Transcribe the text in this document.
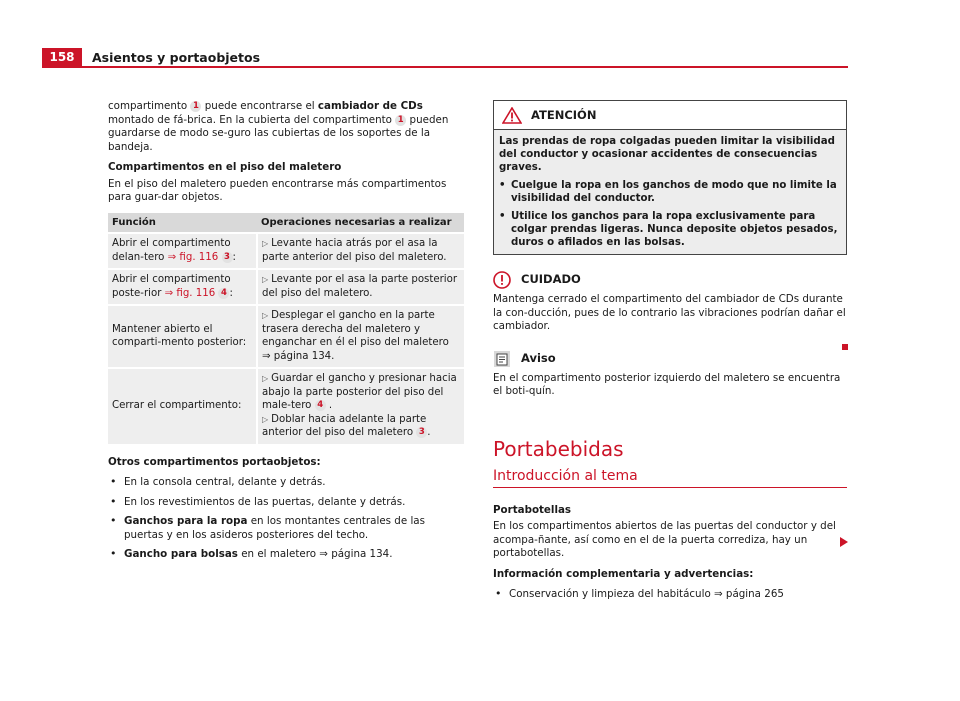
158	Asientos y portaobjetos

compartimento 1 puede encontrarse el cambiador de CDs montado de fá-brica. En la cubierta del compartimento 1 pueden guardarse de modo se-guro las cubiertas de los soportes de la bandeja.

Compartimentos en el piso del maletero

En el piso del maletero pueden encontrarse más compartimentos para guar-dar objetos.

Función	Operaciones necesarias a realizar
Abrir el compartimento delan-tero ⇒ fig. 116 3 :	▷ Levante hacia atrás por el asa la parte anterior del piso del maletero.
Abrir el compartimento poste-rior ⇒ fig. 116 4 :	▷ Levante por el asa la parte posterior del piso del maletero.
Mantener abierto el comparti-mento posterior:	▷ Desplegar el gancho en la parte trasera derecha del maletero y enganchar en él el piso del maletero ⇒ página 134.
Cerrar el compartimento:	▷ Guardar el gancho y presionar hacia abajo la parte posterior del piso del male-tero 4 .
▷ Doblar hacia adelante la parte anterior del piso del maletero 3 .

Otros compartimentos portaobjetos:

• En la consola central, delante y detrás.
• En los revestimientos de las puertas, delante y detrás.
• Ganchos para la ropa en los montantes centrales de las puertas y en los asideros posteriores del techo.
• Gancho para bolsas en el maletero ⇒ página 134.
ATENCIÓN

Las prendas de ropa colgadas pueden limitar la visibilidad del conductor y ocasionar accidentes de consecuencias graves.

• Cuelgue la ropa en los ganchos de modo que no limite la visibilidad del conductor.

• Utilice los ganchos para la ropa exclusivamente para colgar prendas ligeras. Nunca deposite objetos pesados, duros o afilados en las bolsas.

CUIDADO

Mantenga cerrado el compartimento del cambiador de CDs durante la con-ducción, pues de lo contrario las vibraciones podrían dañar el cambiador.

Aviso

En el compartimento posterior izquierdo del maletero se encuentra el boti-quín.

Portabebidas
Introducción al tema

Portabotellas

En los compartimentos abiertos de las puertas del conductor y del acompa-ñante, así como en el de la puerta corrediza, hay un portabotellas.

Información complementaria y advertencias:

• Conservación y limpieza del habitáculo ⇒ página 265
